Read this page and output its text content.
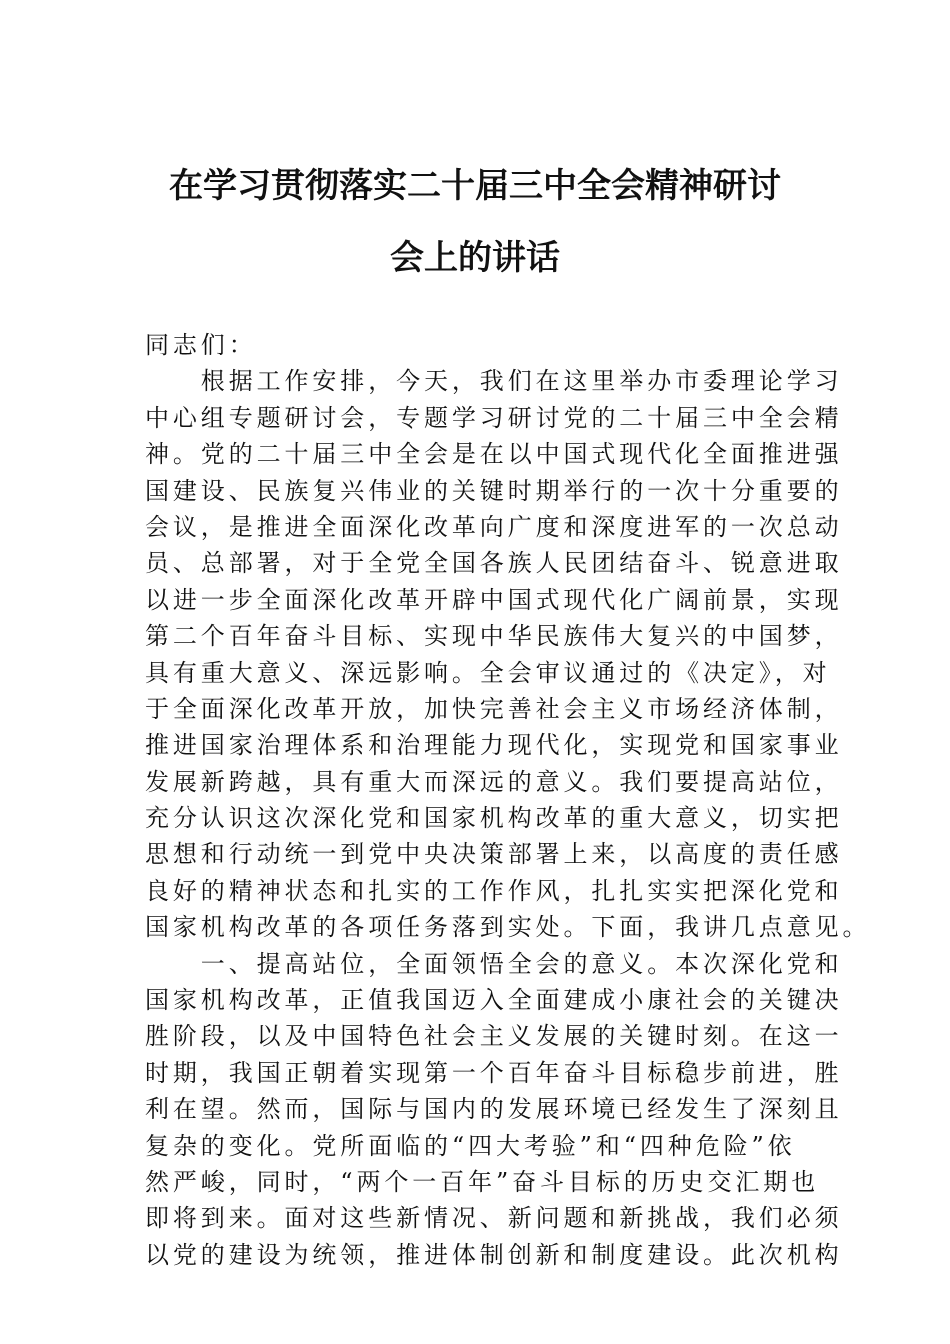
在学习贯彻落实二十届三中全会精神研讨
会上的讲话
同志们：
　　根据工作安排，今天，我们在这里举办市委理论学习
中心组专题研讨会，专题学习研讨党的二十届三中全会精
神。党的二十届三中全会是在以中国式现代化全面推进强
国建设、民族复兴伟业的关键时期举行的一次十分重要的
会议，是推进全面深化改革向广度和深度进军的一次总动
员、总部署，对于全党全国各族人民团结奋斗、锐意进取
以进一步全面深化改革开辟中国式现代化广阔前景，实现
第二个百年奋斗目标、实现中华民族伟大复兴的中国梦，
具有重大意义、深远影响。全会审议通过的《决定》，对
于全面深化改革开放，加快完善社会主义市场经济体制，
推进国家治理体系和治理能力现代化，实现党和国家事业
发展新跨越，具有重大而深远的意义。我们要提高站位，
充分认识这次深化党和国家机构改革的重大意义，切实把
思想和行动统一到党中央决策部署上来，以高度的责任感
良好的精神状态和扎实的工作作风，扎扎实实把深化党和
国家机构改革的各项任务落到实处。下面，我讲几点意见。
　　一、提高站位，全面领悟全会的意义。本次深化党和
国家机构改革，正值我国迈入全面建成小康社会的关键决
胜阶段，以及中国特色社会主义发展的关键时刻。在这一
时期，我国正朝着实现第一个百年奋斗目标稳步前进，胜
利在望。然而，国际与国内的发展环境已经发生了深刻且
复杂的变化。党所面临的“四大考验”和“四种危险”依
然严峻，同时，“两个一百年”奋斗目标的历史交汇期也
即将到来。面对这些新情况、新问题和新挑战，我们必须
以党的建设为统领，推进体制创新和制度建设。此次机构
